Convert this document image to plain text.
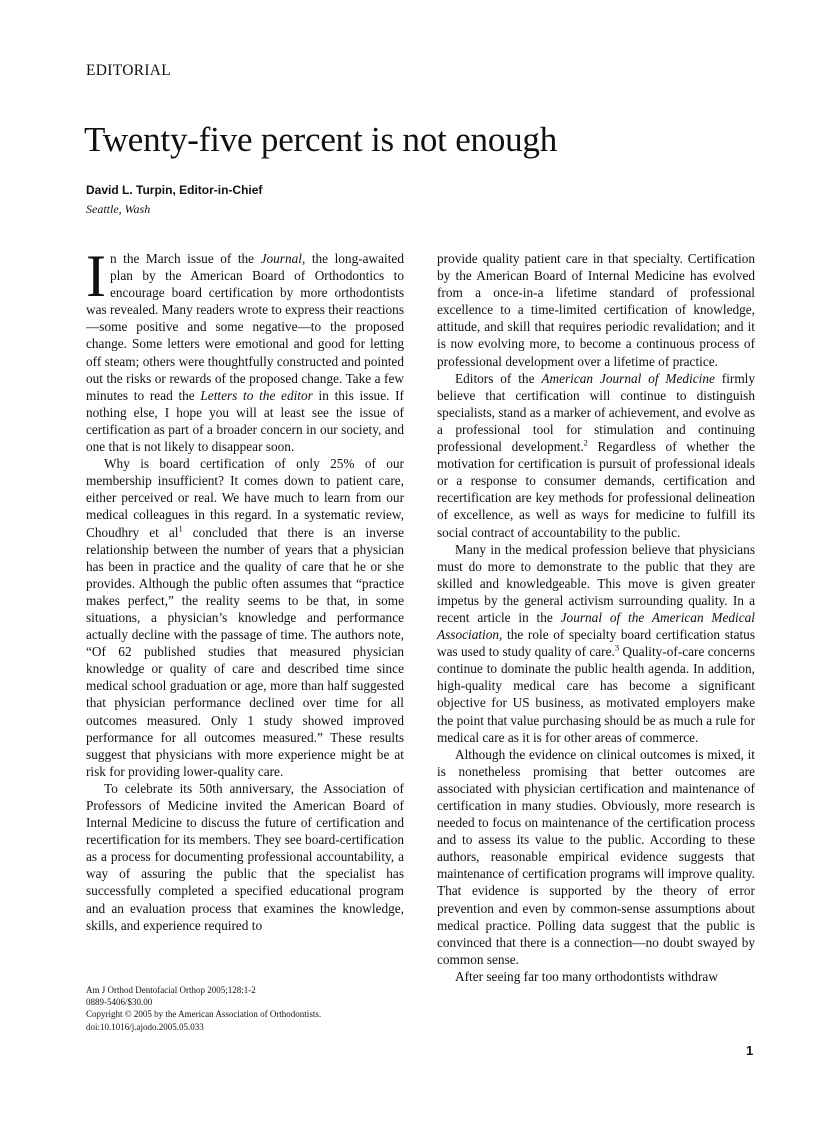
EDITORIAL
Twenty-five percent is not enough
David L. Turpin, Editor-in-Chief
Seattle, Wash

In the March issue of the Journal, the long-awaited plan by the American Board of Orthodontics to encourage board certification by more orthodontists was revealed. Many readers wrote to express their reactions—some positive and some negative—to the proposed change. Some letters were emotional and good for letting off steam; others were thoughtfully constructed and pointed out the risks or rewards of the proposed change. Take a few minutes to read the Letters to the editor in this issue. If nothing else, I hope you will at least see the issue of certification as part of a broader concern in our society, and one that is not likely to disappear soon.

Why is board certification of only 25% of our membership insufficient? It comes down to patient care, either perceived or real. We have much to learn from our medical colleagues in this regard. In a systematic review, Choudhry et $al^1$ concluded that there is an inverse relationship between the number of years that a physician has been in practice and the quality of care that he or she provides. Although the public often assumes that “practice makes perfect,” the reality seems to be that, in some situations, a physician’s knowledge and performance actually decline with the passage of time. The authors note, “Of 62 published studies that measured physician knowledge or quality of care and described time since medical school graduation or age, more than half suggested that physician performance declined over time for all outcomes measured. Only 1 study showed improved performance for all outcomes measured.” These results suggest that physicians with more experience might be at risk for providing lower-quality care.

To celebrate its 50th anniversary, the Association of Professors of Medicine invited the American Board of Internal Medicine to discuss the future of certification and recertification for its members. They see board-certification as a process for documenting professional accountability, a way of assuring the public that the specialist has successfully completed a specified educational program and an evaluation process that examines the knowledge, skills, and experience required to

provide quality patient care in that specialty. Certification by the American Board of Internal Medicine has evolved from a once-in-a lifetime standard of professional excellence to a time-limited certification of knowledge, attitude, and skill that requires periodic revalidation; and it is now evolving more, to become a continuous process of professional development over a lifetime of practice.

Editors of the American Journal of Medicine firmly believe that certification will continue to distinguish specialists, stand as a marker of achievement, and evolve as a professional tool for stimulation and continuing professional development.$^2$ Regardless of whether the motivation for certification is pursuit of professional ideals or a response to consumer demands, certification and recertification are key methods for professional delineation of excellence, as well as ways for medicine to fulfill its social contract of accountability to the public.

Many in the medical profession believe that physicians must do more to demonstrate to the public that they are skilled and knowledgeable. This move is given greater impetus by the general activism surrounding quality. In a recent article in the Journal of the American Medical Association, the role of specialty board certification status was used to study quality of care.$^3$ Quality-of-care concerns continue to dominate the public health agenda. In addition, high-quality medical care has become a significant objective for US business, as motivated employers make the point that value purchasing should be as much a rule for medical care as it is for other areas of commerce.

Although the evidence on clinical outcomes is mixed, it is nonetheless promising that better outcomes are associated with physician certification and maintenance of certification in many studies. Obviously, more research is needed to focus on maintenance of the certification process and to assess its value to the public. According to these authors, reasonable empirical evidence suggests that maintenance of certification programs will improve quality. That evidence is supported by the theory of error prevention and even by common-sense assumptions about medical practice. Polling data suggest that the public is convinced that there is a connection—no doubt swayed by common sense.

After seeing far too many orthodontists withdraw

Am J Orthod Dentofacial Orthop 2005;128:1-2
0889-5406/$30.00
Copyright © 2005 by the American Association of Orthodontists.
doi:10.1016/j.ajodo.2005.05.033
1
